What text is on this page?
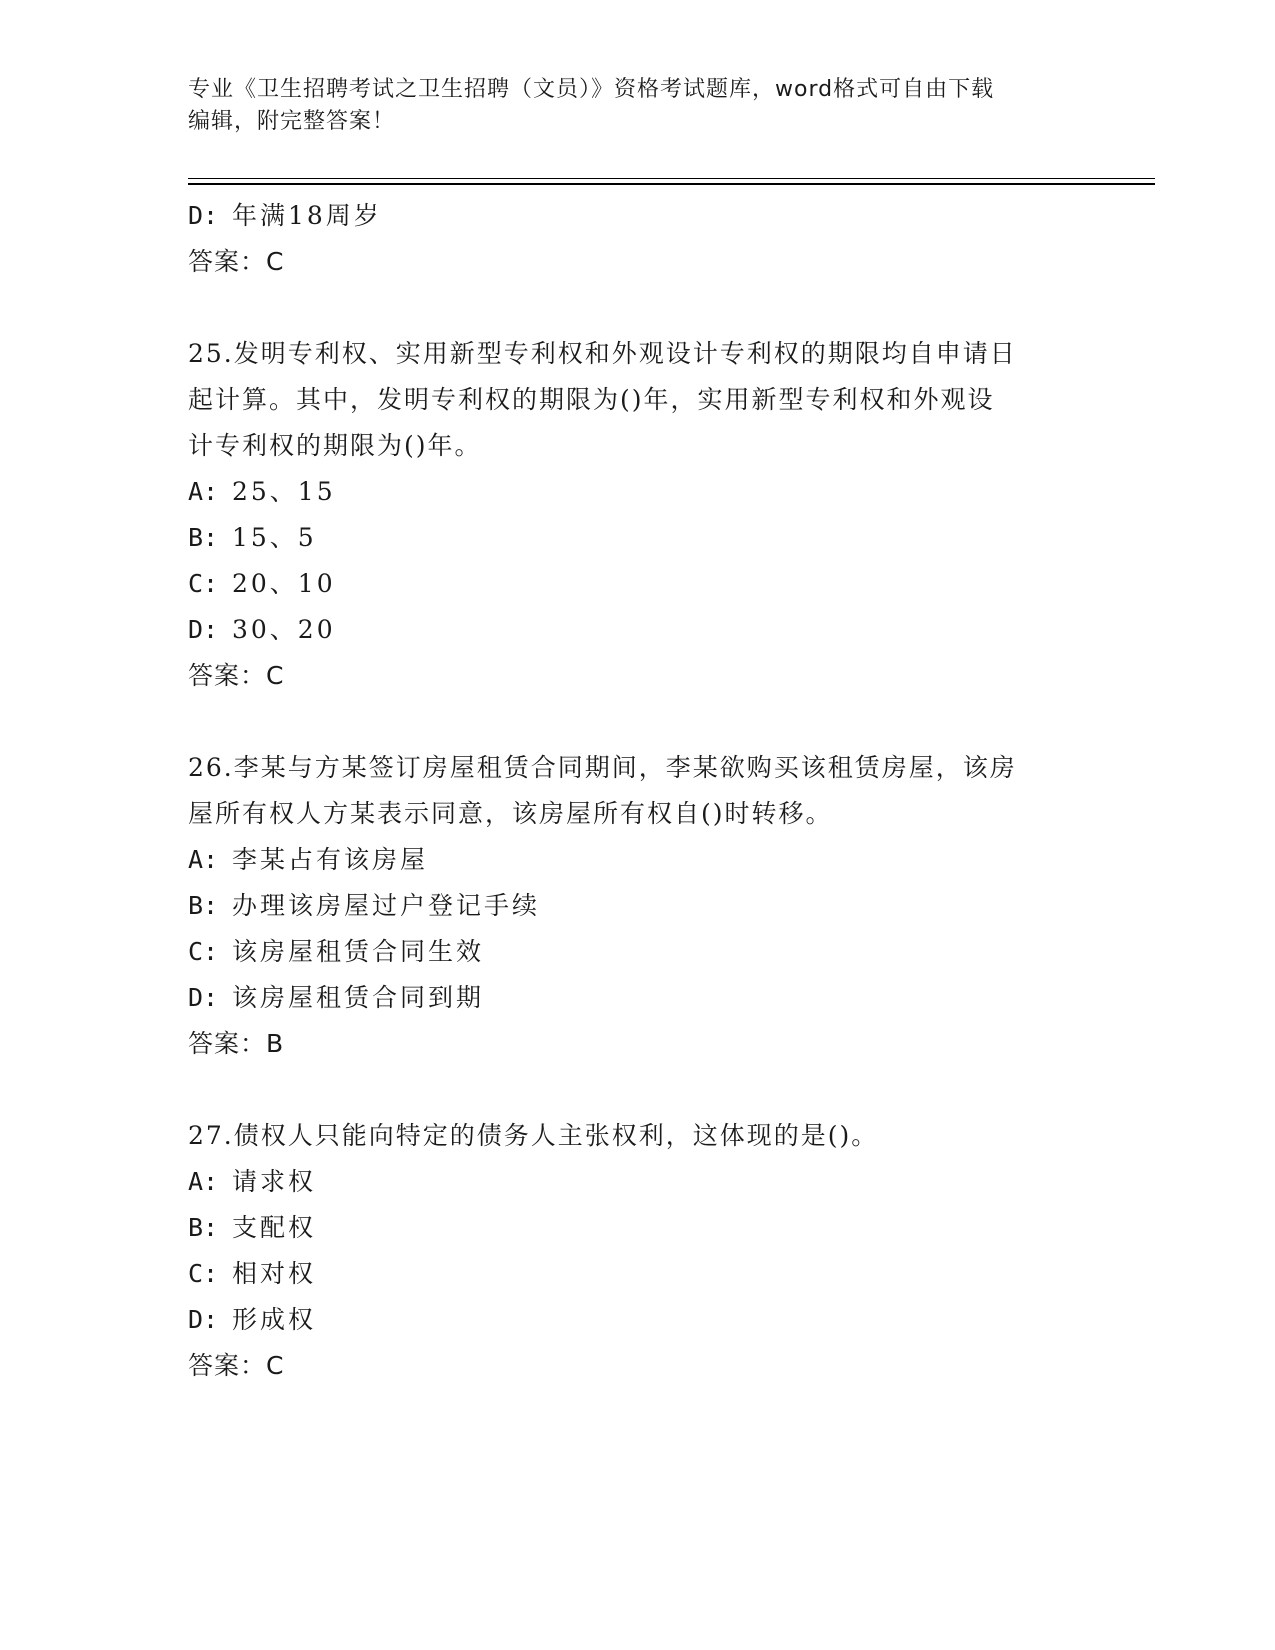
专业《卫生招聘考试之卫生招聘（文员）》资格考试题库，word格式可自由下载
编辑，附完整答案！
D: 年满18周岁
答案：C
25.发明专利权、实用新型专利权和外观设计专利权的期限均自申请日
起计算。其中，发明专利权的期限为()年，实用新型专利权和外观设
计专利权的期限为()年。
A: 25、15
B: 15、5
C: 20、10
D: 30、20
答案：C
26.李某与方某签订房屋租赁合同期间，李某欲购买该租赁房屋，该房
屋所有权人方某表示同意，该房屋所有权自()时转移。
A: 李某占有该房屋
B: 办理该房屋过户登记手续
C: 该房屋租赁合同生效
D: 该房屋租赁合同到期
答案：B
27.债权人只能向特定的债务人主张权利，这体现的是()。
A: 请求权
B: 支配权
C: 相对权
D: 形成权
答案：C
